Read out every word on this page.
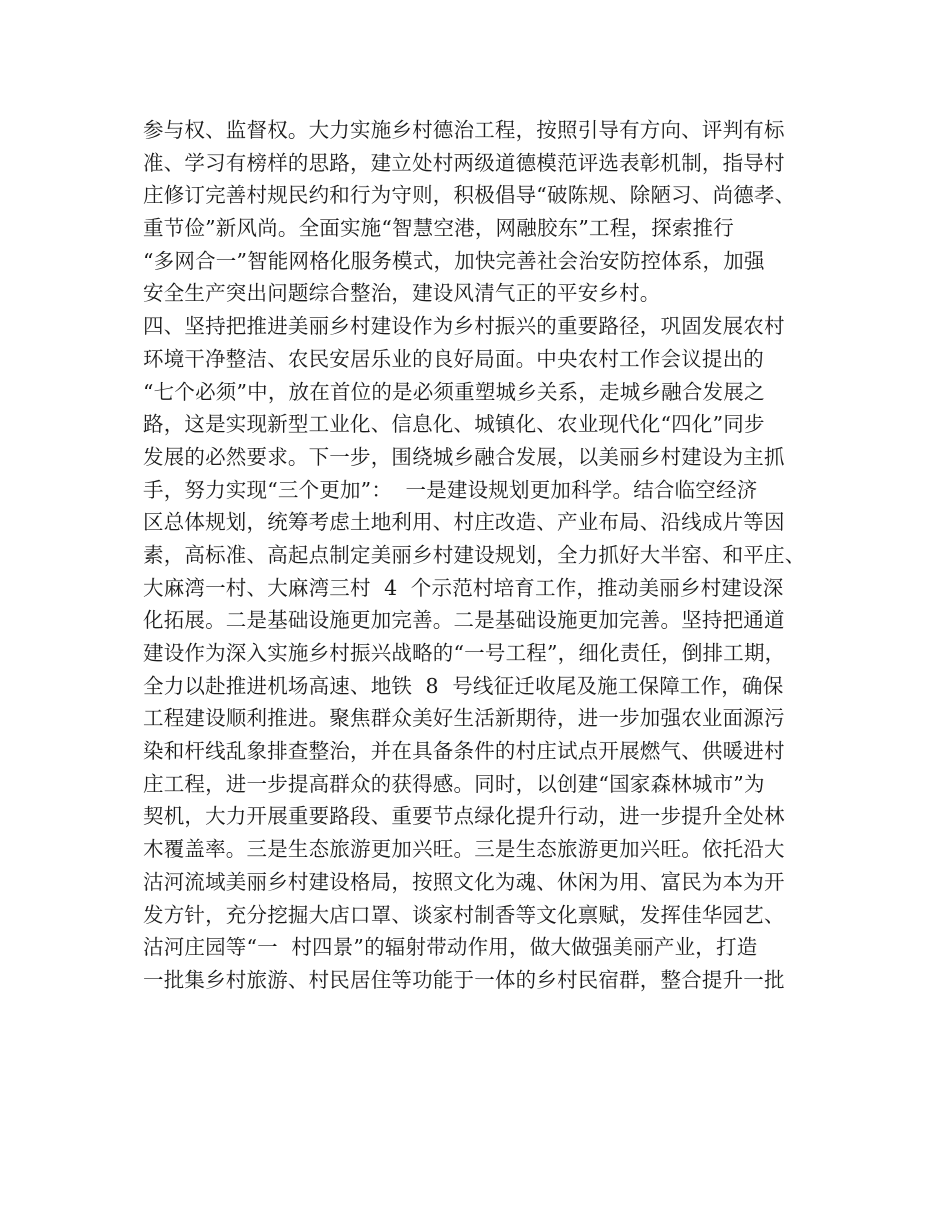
参与权、监督权。大力实施乡村德治工程，按照引导有方向、评判有标
准、学习有榜样的思路，建立处村两级道德模范评选表彰机制，指导村
庄修订完善村规民约和行为守则，积极倡导“破陈规、除陋习、尚德孝、
重节俭”新风尚。全面实施“智慧空港，网融胶东”工程，探索推行
“多网合一”智能网格化服务模式，加快完善社会治安防控体系，加强
安全生产突出问题综合整治，建设风清气正的平安乡村。
四、坚持把推进美丽乡村建设作为乡村振兴的重要路径，巩固发展农村
环境干净整洁、农民安居乐业的良好局面。中央农村工作会议提出的
“七个必须”中，放在首位的是必须重塑城乡关系，走城乡融合发展之
路，这是实现新型工业化、信息化、城镇化、农业现代化“四化”同步
发展的必然要求。下一步，围绕城乡融合发展，以美丽乡村建设为主抓
手，努力实现“三个更加”：  一是建设规划更加科学。结合临空经济
区总体规划，统筹考虑土地利用、村庄改造、产业布局、沿线成片等因
素，高标准、高起点制定美丽乡村建设规划，全力抓好大半窑、和平庄、
大麻湾一村、大麻湾三村  4  个示范村培育工作，推动美丽乡村建设深
化拓展。二是基础设施更加完善。二是基础设施更加完善。坚持把通道
建设作为深入实施乡村振兴战略的“一号工程”，细化责任，倒排工期，
全力以赴推进机场高速、地铁  8  号线征迁收尾及施工保障工作，确保
工程建设顺利推进。聚焦群众美好生活新期待，进一步加强农业面源污
染和杆线乱象排查整治，并在具备条件的村庄试点开展燃气、供暖进村
庄工程，进一步提高群众的获得感。同时，以创建“国家森林城市”为
契机，大力开展重要路段、重要节点绿化提升行动，进一步提升全处林
木覆盖率。三是生态旅游更加兴旺。三是生态旅游更加兴旺。依托沿大
沽河流域美丽乡村建设格局，按照文化为魂、休闲为用、富民为本为开
发方针，充分挖掘大店口罩、谈家村制香等文化禀赋，发挥佳华园艺、
沽河庄园等“一  村四景”的辐射带动作用，做大做强美丽产业，打造
一批集乡村旅游、村民居住等功能于一体的乡村民宿群，整合提升一批
